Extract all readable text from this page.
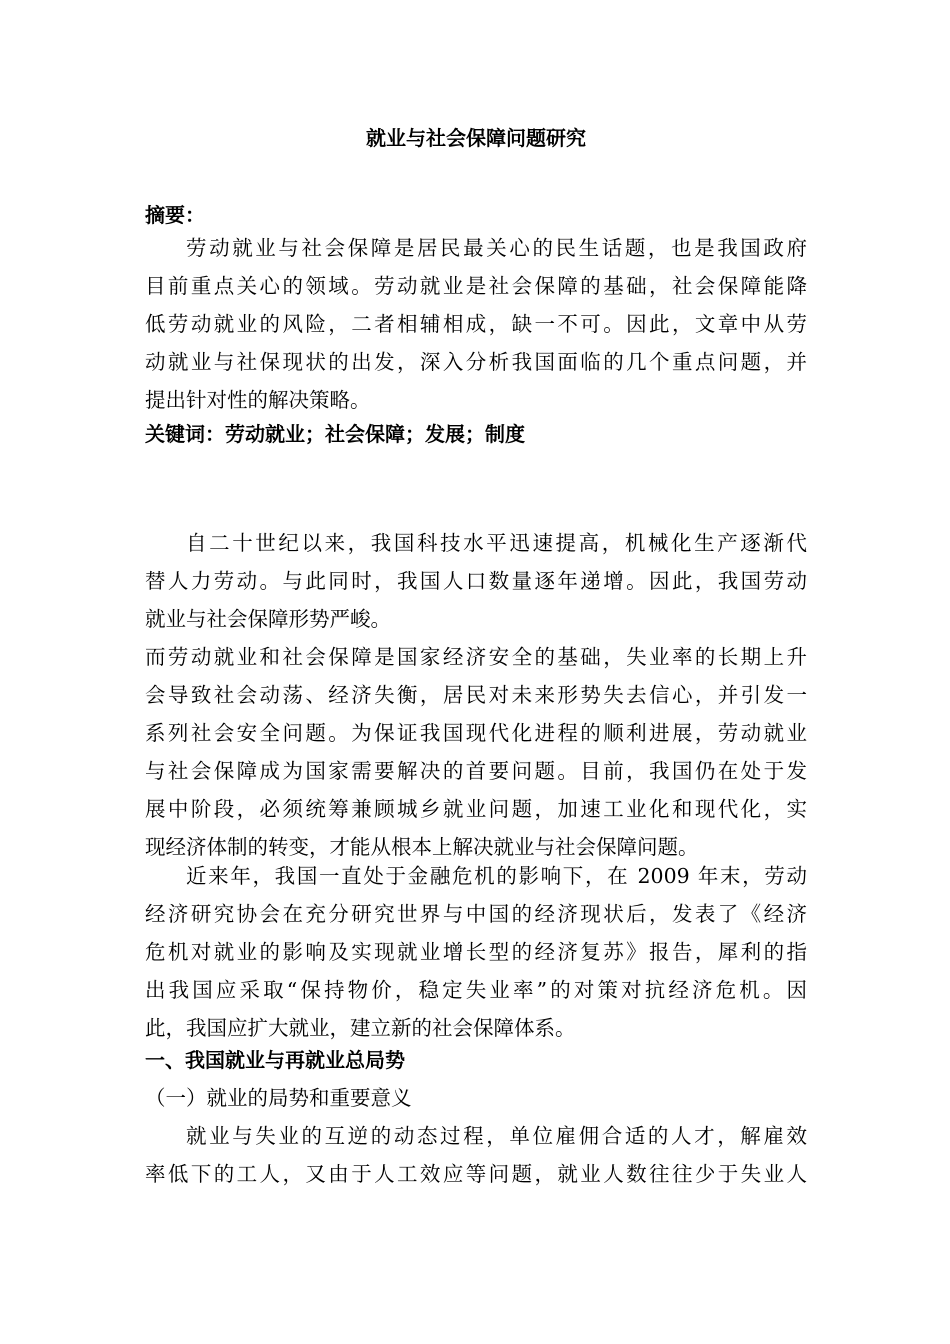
就业与社会保障问题研究
摘要：
劳动就业与社会保障是居民最关心的民生话题，也是我国政府
目前重点关心的领域。劳动就业是社会保障的基础，社会保障能降
低劳动就业的风险，二者相辅相成，缺一不可。因此，文章中从劳
动就业与社保现状的出发，深入分析我国面临的几个重点问题，并
提出针对性的解决策略。
关键词：劳动就业；社会保障；发展；制度
自二十世纪以来，我国科技水平迅速提高，机械化生产逐渐代
替人力劳动。与此同时，我国人口数量逐年递增。因此，我国劳动
就业与社会保障形势严峻。
而劳动就业和社会保障是国家经济安全的基础，失业率的长期上升
会导致社会动荡、经济失衡，居民对未来形势失去信心，并引发一
系列社会安全问题。为保证我国现代化进程的顺利进展，劳动就业
与社会保障成为国家需要解决的首要问题。目前，我国仍在处于发
展中阶段，必须统筹兼顾城乡就业问题，加速工业化和现代化，实
现经济体制的转变，才能从根本上解决就业与社会保障问题。
近来年，我国一直处于金融危机的影响下，在 2009 年末，劳动
经济研究协会在充分研究世界与中国的经济现状后，发表了《经济
危机对就业的影响及实现就业增长型的经济复苏》报告，犀利的指
出我国应采取“保持物价，稳定失业率”的对策对抗经济危机。因
此，我国应扩大就业，建立新的社会保障体系。
一、我国就业与再就业总局势
（一）就业的局势和重要意义
就业与失业的互逆的动态过程，单位雇佣合适的人才，解雇效
率低下的工人，又由于人工效应等问题，就业人数往往少于失业人
